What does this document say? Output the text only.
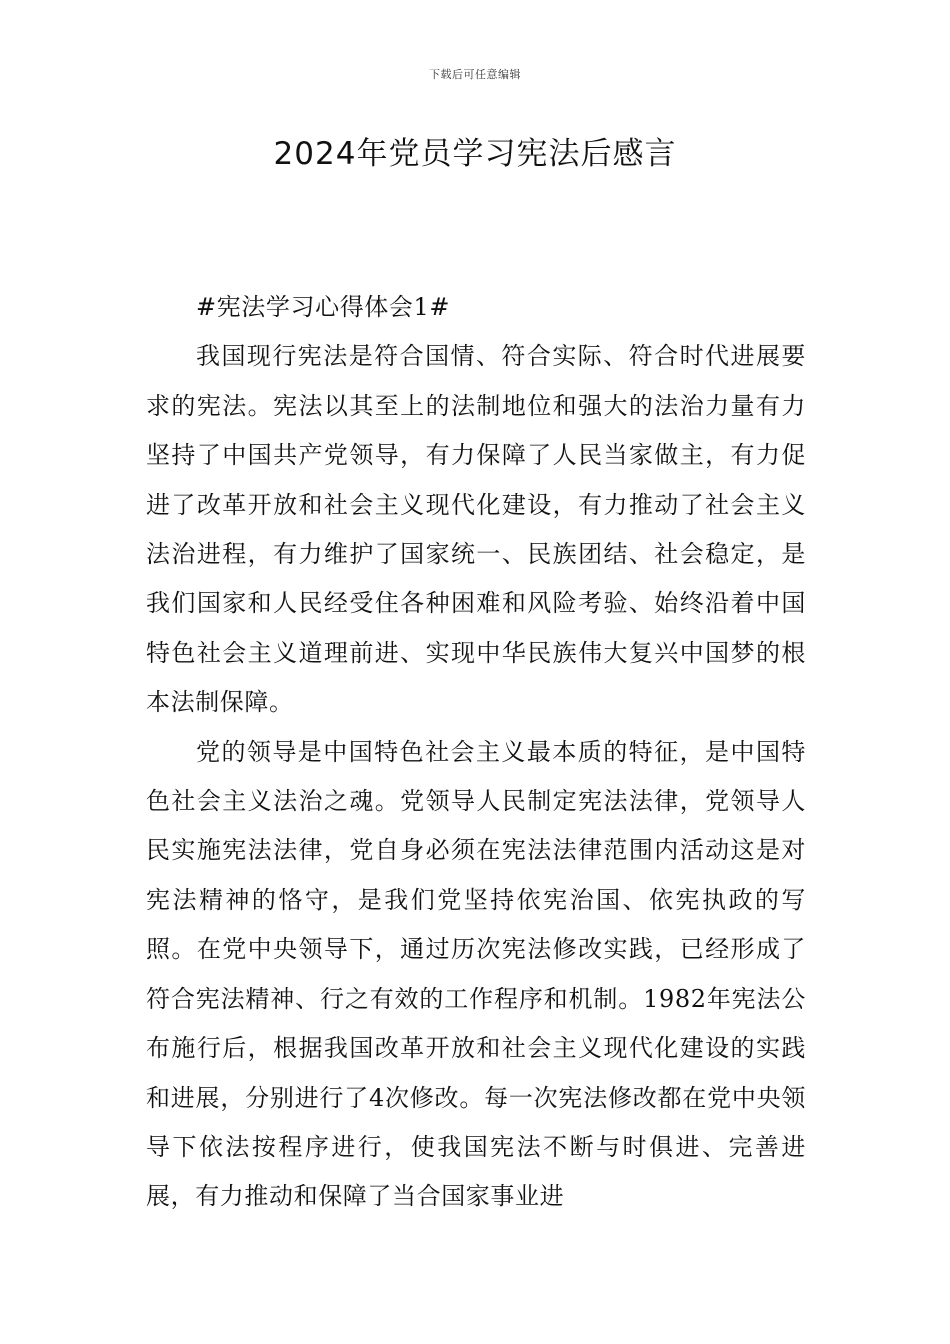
下载后可任意编辑
2024年党员学习宪法后感言
#宪法学习心得体会1#

我国现行宪法是符合国情、符合实际、符合时代进展要求的宪法。宪法以其至上的法制地位和强大的法治力量有力坚持了中国共产党领导，有力保障了人民当家做主，有力促进了改革开放和社会主义现代化建设，有力推动了社会主义法治进程，有力维护了国家统一、民族团结、社会稳定，是我们国家和人民经受住各种困难和风险考验、始终沿着中国特色社会主义道理前进、实现中华民族伟大复兴中国梦的根本法制保障。

党的领导是中国特色社会主义最本质的特征，是中国特色社会主义法治之魂。党领导人民制定宪法法律，党领导人民实施宪法法律，党自身必须在宪法法律范围内活动这是对宪法精神的恪守，是我们党坚持依宪治国、依宪执政的写照。在党中央领导下，通过历次宪法修改实践，已经形成了符合宪法精神、行之有效的工作程序和机制。1982年宪法公布施行后，根据我国改革开放和社会主义现代化建设的实践和进展，分别进行了4次修改。每一次宪法修改都在党中央领导下依法按程序进行，使我国宪法不断与时俱进、完善进展，有力推动和保障了当合国家事业进
